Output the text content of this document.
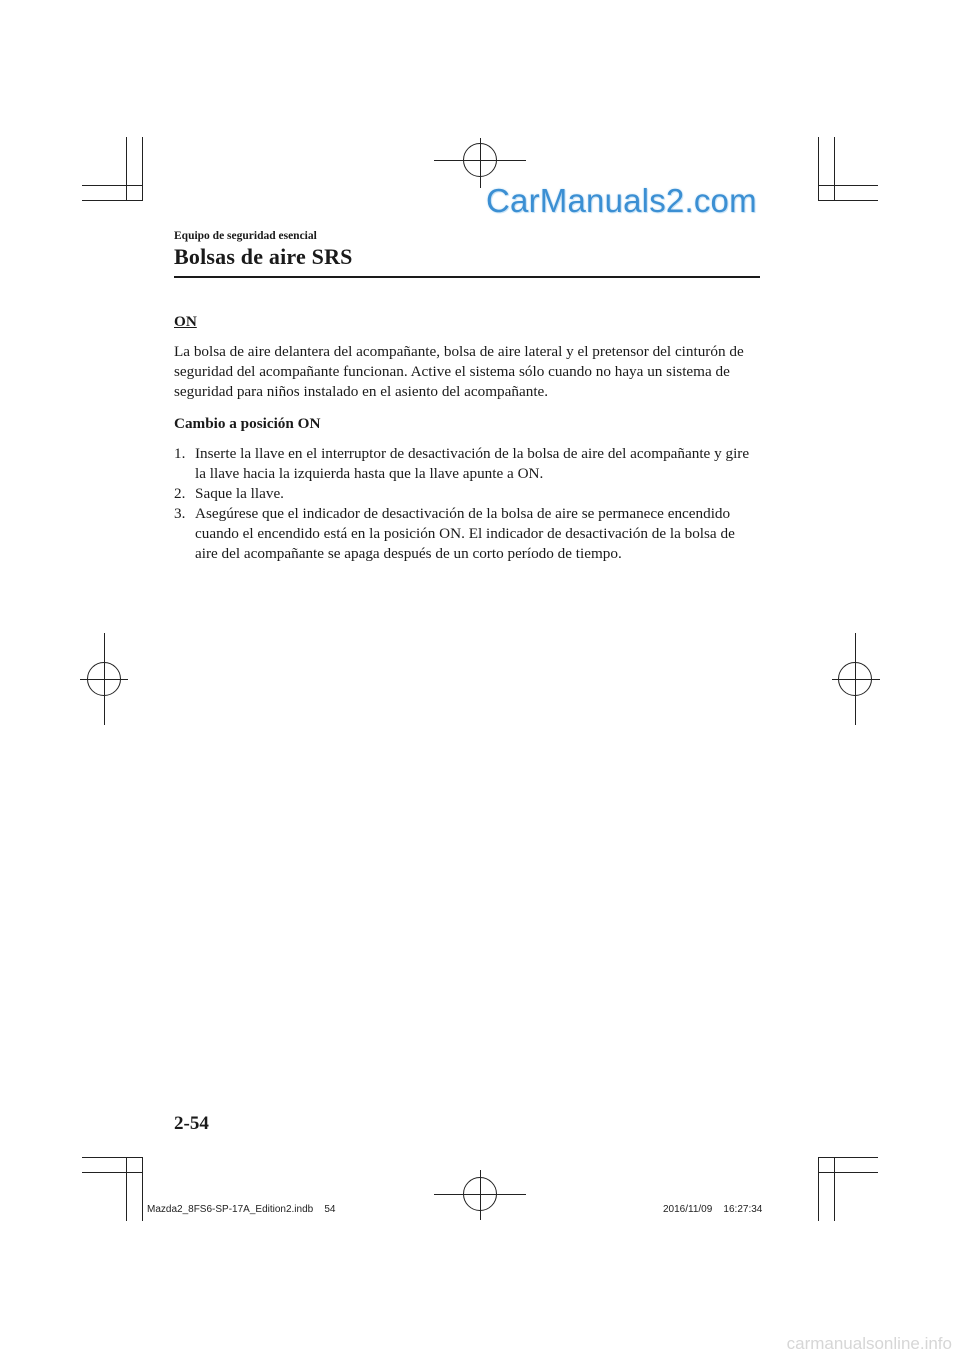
CarManuals2.com
Equipo de seguridad esencial
Bolsas de aire SRS

ON

La bolsa de aire delantera del acompañante, bolsa de aire lateral y el pretensor del cinturón de seguridad del acompañante funcionan. Active el sistema sólo cuando no haya un sistema de seguridad para niños instalado en el asiento del acompañante.

Cambio a posición ON

1. Inserte la llave en el interruptor de desactivación de la bolsa de aire del acompañante y gire la llave hacia la izquierda hasta que la llave apunte a ON.
2. Saque la llave.
3. Asegúrese que el indicador de desactivación de la bolsa de aire se permanece encendido cuando el encendido está en la posición ON. El indicador de desactivación de la bolsa de aire del acompañante se apaga después de un corto período de tiempo.
2-54
Mazda2_8FS6-SP-17A_Edition2.indb    54	2016/11/09    16:27:34
carmanualsonline.info
